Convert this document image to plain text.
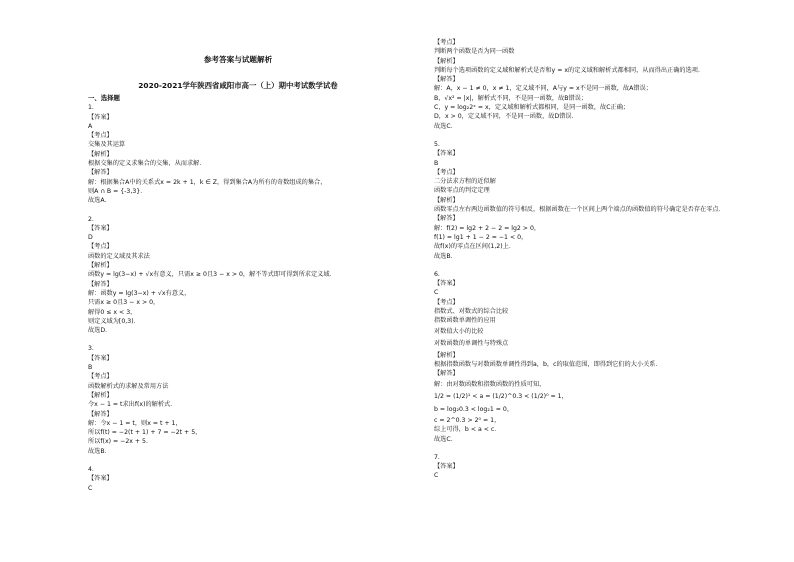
参考答案与试题解析
2020-2021学年陕西省咸阳市高一（上）期中考试数学试卷
一、选择题
1.
【答案】
A
【考点】
交集及其运算
【解析】
根据交集的定义求集合的交集，从而求解．
【解答】
解：根据集合A中的关系式x = 2k + 1，k ∈ Z，得到集合A为所有的奇数组成的集合，
则A ∩ B = {-3,3}．
故选A．
2.
【答案】
D
【考点】
函数的定义域及其求法
【解析】
函数y = lg(3−x) + √x有意义，只需x ≥ 0且3 − x > 0，解不等式即可得到所求定义域．
【解答】
解：函数y = lg(3−x) + √x有意义，
只需x ≥ 0且3 − x > 0，
解得0 ≤ x < 3，
则定义域为[0,3)．
故选D．
3.
【答案】
B
【考点】
函数解析式的求解及常用方法
【解析】
令x − 1 = t求出f(x)的解析式．
【解答】
解：令x − 1 = t，则x = t + 1，
所以f(t) = −2(t + 1) + 7 = −2t + 5，
所以f(x) = −2x + 5．
故选B．
4.
【答案】
C
【考点】
判断两个函数是否为同一函数
【解析】
判断每个选项函数的定义域和解析式是否和y = x的定义域和解析式都相同，从而得出正确的选项．
【解答】
解：A，x − 1 ≠ 0，x ≠ 1，定义域不同，A与y = x不是同一函数，故A错误；
B，√x² = |x|，解析式不同，不是同一函数，故B错误；
C，y = log₂2ˣ = x，定义域和解析式都相同，是同一函数，故C正确；
D，x > 0，定义域不同，不是同一函数，故D错误．
故选C．
5.
【答案】
B
【考点】
二分法求方程的近似解
函数零点的判定定理
【解析】
函数零点左右两边函数值的符号相反，根据函数在一个区间上两个端点的函数值的符号确定是否存在零点．
【解答】
解：f(2) = lg2 + 2 − 2 = lg2 > 0，
f(1) = lg1 + 1 − 2 = −1 < 0，
故f(x)的零点在区间(1,2)上．
故选B．
6.
【答案】
C
【考点】
指数式、对数式的综合比较
指数函数单调性的应用
对数值大小的比较
对数函数的单调性与特殊点
【解析】
根据指数函数与对数函数单调性得到a，b，c的取值范围，即得到它们的大小关系．
【解答】
解：由对数函数和指数函数的性质可知，
1/2 = (1/2)¹ < a = (1/2)^0.3 < (1/2)⁰ = 1，
b = log₂0.3 < log₂1 = 0，
c = 2^0.3 > 2⁰ = 1，
综上可得，b < a < c．
故选C．
7.
【答案】
C
